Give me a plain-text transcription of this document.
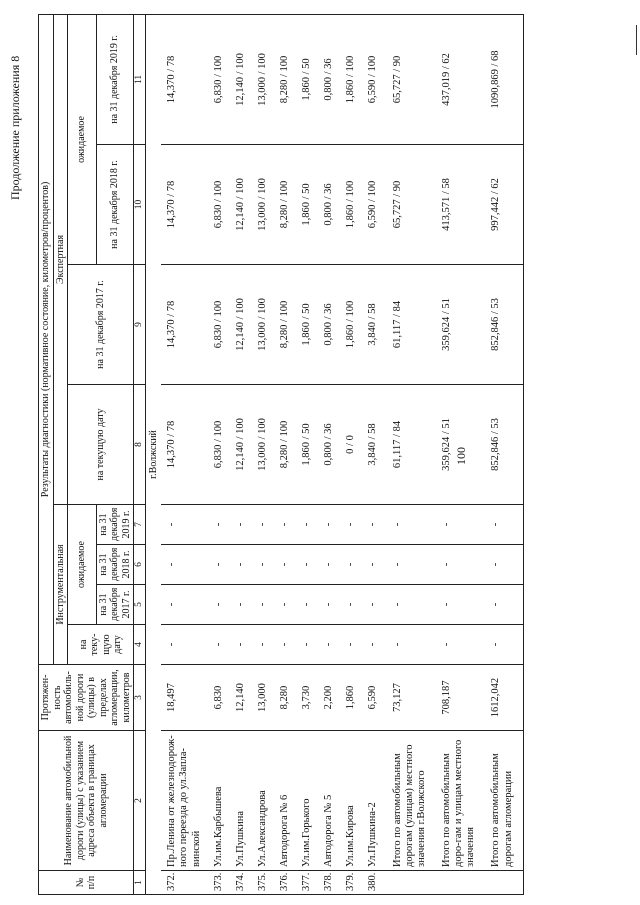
100
Продолжение приложения 8
№ п/п	Наименование автомобильной дороги (улицы) с указанием адреса объекта в границах агломерации	Протяжен-ность автомобиль-ной дороги (улицы) в пределах агломерации, километров	Результаты диагностики (нормативное состояние, километров/процентов)							
			Инструментальная				Экспертная			
			на теку-щую дату	ожидаемое			на текущую дату	на 31 декабря 2017 г.	ожидаемое	
				на 31 декабря 2017 г.	на 31 декабря 2018 г.	на 31 декабря 2019 г.			на 31 декабря 2018 г.	на 31 декабря 2019 г.
1	2	3	4	5	6	7	8	9	10	11
г.Волжский										
372.	Пр.Ленина от железнодорож-ного переезда до ул.Запла-винской	18,497	-	-	-	-	14,370 / 78	14,370 / 78	14,370 / 78	14,370 / 78
373.	Ул.им.Карбышева	6,830	-	-	-	-	6,830 / 100	6,830 / 100	6,830 / 100	6,830 / 100
374.	Ул.Пушкина	12,140	-	-	-	-	12,140 / 100	12,140 / 100	12,140 / 100	12,140 / 100
375.	Ул.Александрова	13,000	-	-	-	-	13,000 / 100	13,000 / 100	13,000 / 100	13,000 / 100
376.	Автодорога № 6	8,280	-	-	-	-	8,280 / 100	8,280 / 100	8,280 / 100	8,280 / 100
377.	Ул.им.Горького	3,730	-	-	-	-	1,860 / 50	1,860 / 50	1,860 / 50	1,860 / 50
378.	Автодорога № 5	2,200	-	-	-	-	0,800 / 36	0,800 / 36	0,800 / 36	0,800 / 36
379.	Ул.им.Кирова	1,860	-	-	-	-	0 / 0	1,860 / 100	1,860 / 100	1,860 / 100
380.	Ул.Пушкина-2	6,590	-	-	-	-	3,840 / 58	3,840 / 58	6,590 / 100	6,590 / 100
	Итого по автомобильным дорогам (улицам) местного значения г.Волжского	73,127	-	-	-	-	61,117 / 84	61,117 / 84	65,727 / 90	65,727 / 90
	Итого по автомобильным доро-гам и улицам местного значения	708,187	-	-	-	-	359,624 / 51	359,624 / 51	413,571 / 58	437,019 / 62
	Итого по автомобильным дорогам агломерации	1612,042	-	-	-	-	852,846 / 53	852,846 / 53	997,442 / 62	1090,869 / 68
